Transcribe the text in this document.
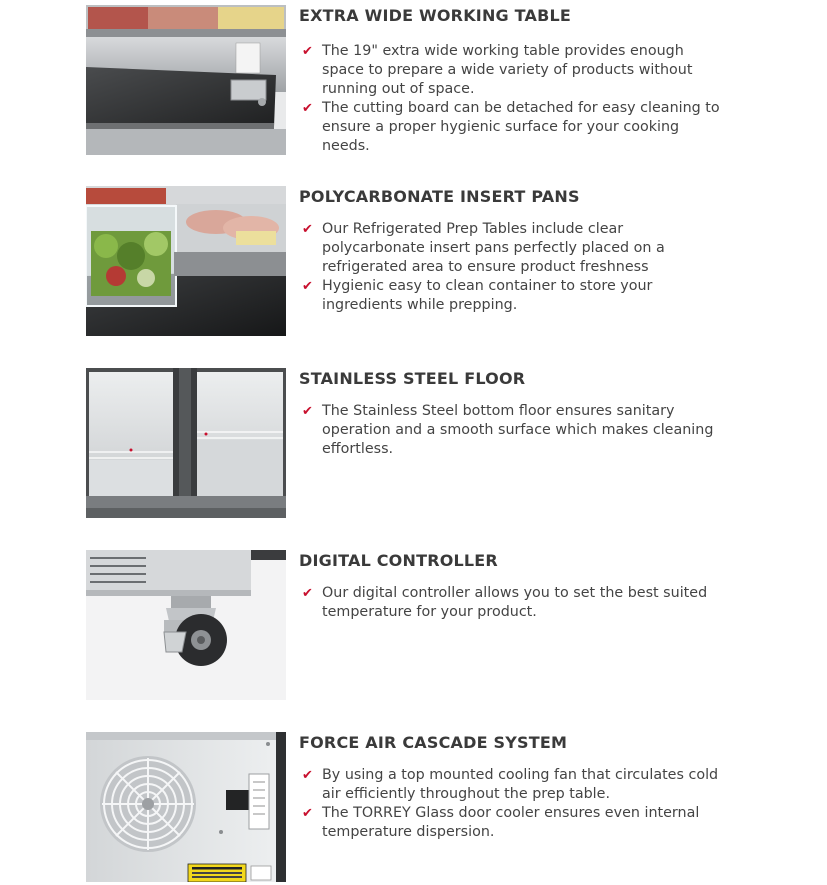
EXTRA WIDE WORKING TABLE
✔ The 19" extra wide working table provides enough space to prepare a wide variety of products without running out of space.
✔ The cutting board can be detached for easy cleaning to ensure a proper hygienic surface for your cooking needs.
POLYCARBONATE INSERT PANS
✔ Our Refrigerated Prep Tables include clear polycarbonate insert pans perfectly placed on a refrigerated area to ensure product freshness
✔ Hygienic easy to clean container to store your ingredients while prepping.
STAINLESS STEEL FLOOR
✔ The Stainless Steel bottom floor ensures sanitary operation and a smooth surface which makes cleaning effortless.
DIGITAL CONTROLLER
✔ Our digital controller allows you to set the best suited temperature for your product.
FORCE AIR CASCADE SYSTEM
✔ By using a top mounted cooling fan that circulates cold air efficiently throughout the prep table.
✔ The TORREY Glass door cooler ensures even internal temperature dispersion.
